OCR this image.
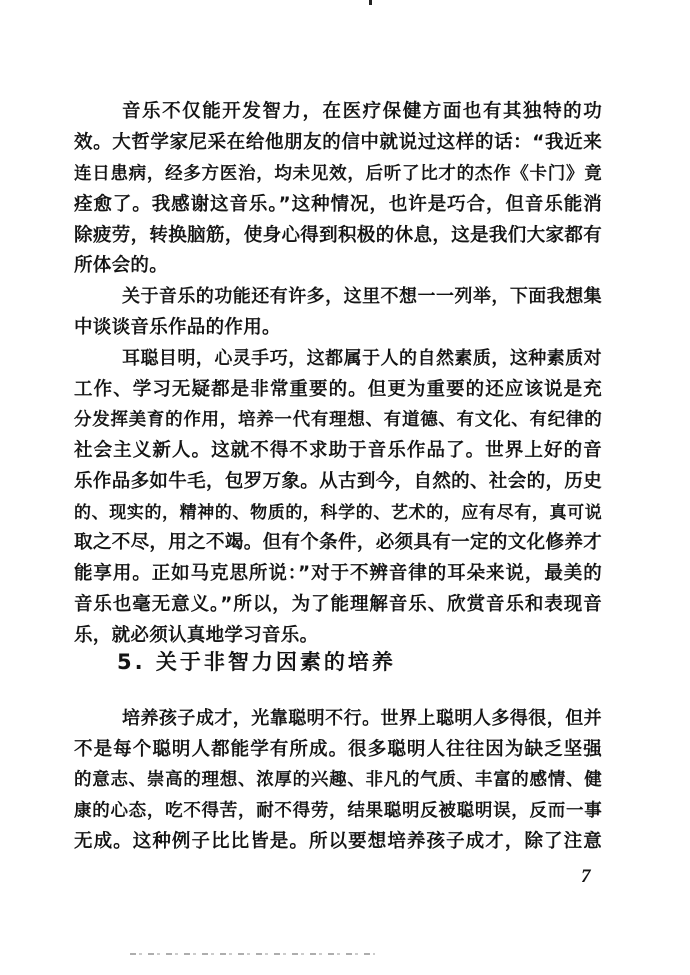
音乐不仅能开发智力，在医疗保健方面也有其独特的功
效。大哲学家尼采在给他朋友的信中就说过这样的话：“我近来
连日患病，经多方医治，均未见效，后听了比才的杰作《卡门》竟
痊愈了。我感谢这音乐。”这种情况，也许是巧合，但音乐能消
除疲劳，转换脑筋，使身心得到积极的休息，这是我们大家都有
所体会的。
关于音乐的功能还有许多，这里不想一一列举，下面我想集
中谈谈音乐作品的作用。
耳聪目明，心灵手巧，这都属于人的自然素质，这种素质对
工作、学习无疑都是非常重要的。但更为重要的还应该说是充
分发挥美育的作用，培养一代有理想、有道德、有文化、有纪律的
社会主义新人。这就不得不求助于音乐作品了。世界上好的音
乐作品多如牛毛，包罗万象。从古到今，自然的、社会的，历史
的、现实的，精神的、物质的，科学的、艺术的，应有尽有，真可说
取之不尽，用之不竭。但有个条件，必须具有一定的文化修养才
能享用。正如马克思所说：”对于不辨音律的耳朵来说，最美的
音乐也毫无意义。”所以，为了能理解音乐、欣赏音乐和表现音
乐，就必须认真地学习音乐。
5. 关于非智力因素的培养
培养孩子成才，光靠聪明不行。世界上聪明人多得很，但并
不是每个聪明人都能学有所成。很多聪明人往往因为缺乏坚强
的意志、崇高的理想、浓厚的兴趣、非凡的气质、丰富的感情、健
康的心态，吃不得苦，耐不得劳，结果聪明反被聪明误，反而一事
无成。这种例子比比皆是。所以要想培养孩子成才，除了注意
7
